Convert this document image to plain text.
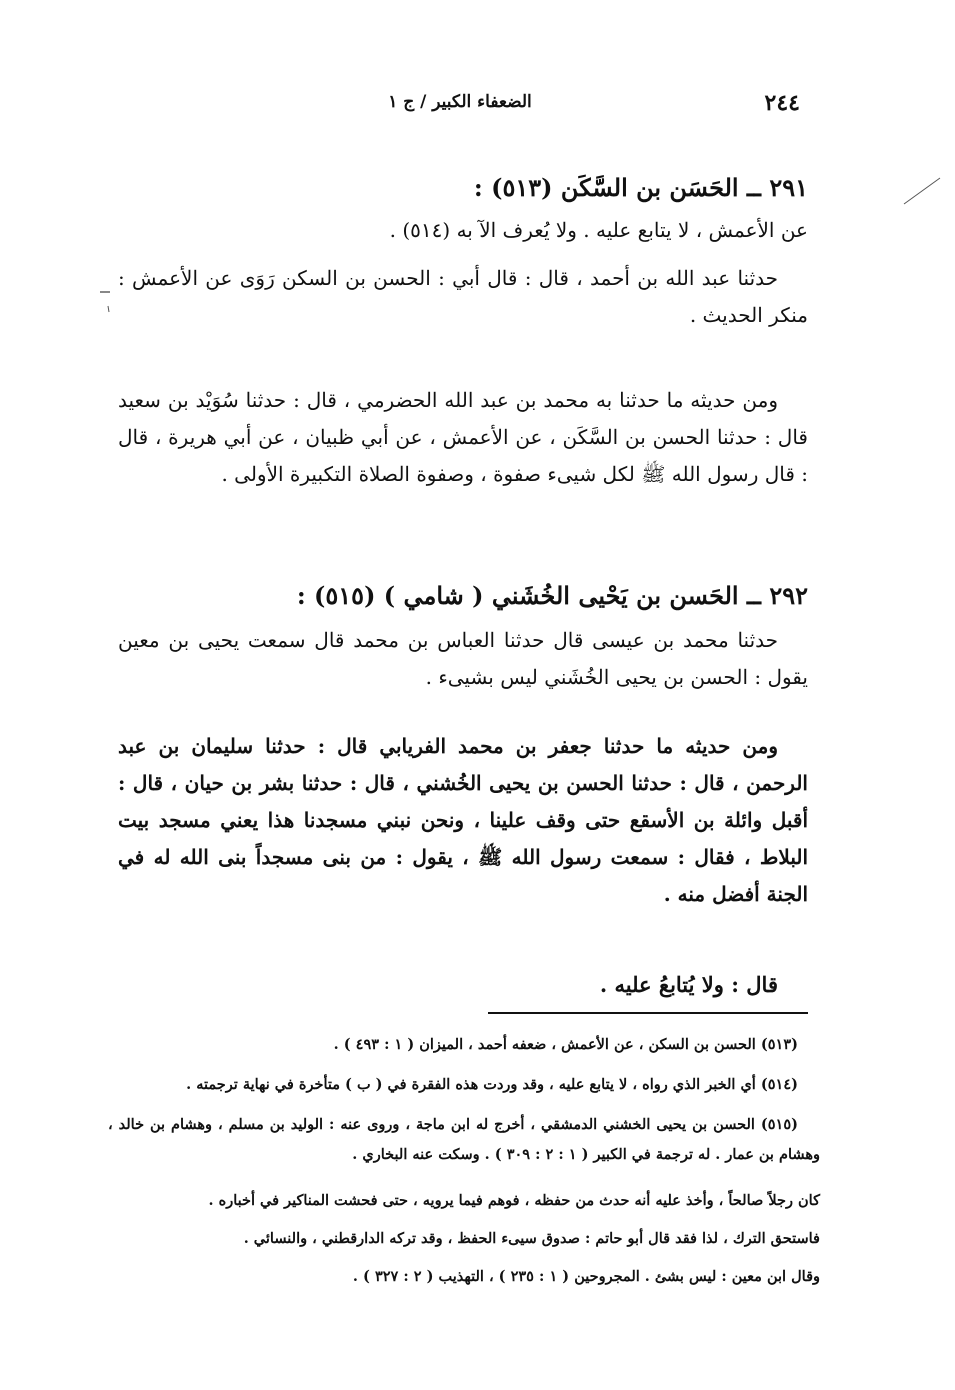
٢٤٤
الضعفاء الكبير / ج ١
٢٩١ ــ الحَسَن بن السَّكَن (٥١٣) :
عن الأعمش ، لا يتابع عليه . ولا يُعرف الآ به (٥١٤) .
حدثنا عبد الله بن أحمد ، قال : قال أبي : الحسن بن السكن رَوَى عن الأعمش : منكر الحديث .
ومن حديثه ما حدثنا به محمد بن عبد الله الحضرمي ، قال : حدثنا سُوَيْد بن سعيد قال : حدثنا الحسن بن السَّكَن ، عن الأعمش ، عن أبي ظبيان ، عن أبي هريرة ، قال : قال رسول الله ﷺ لكل شيىء صفوة ، وصفوة الصلاة التكبيرة الأولى .
٢٩٢ ــ الحَسن بن يَحْيى الخُشَني ( شامي ) (٥١٥) :
حدثنا محمد بن عيسى قال حدثنا العباس بن محمد قال سمعت يحيى بن معين يقول : الحسن بن يحيى الخُشَني ليس بشيىء .
ومن حديثه ما حدثنا جعفر بن محمد الفريابي قال : حدثنا سليمان بن عبد الرحمن ، قال : حدثنا الحسن بن يحيى الخُشني ، قال : حدثنا بشر بن حيان ، قال : أقبل وائلة بن الأسقع حتى وقف علينا ، ونحن نبني مسجدنا هذا يعني مسجد بيت البلاط ، فقال : سمعت رسول الله ﷺ ، يقول : من بنى مسجداً بنى الله له في الجنة أفضل منه .
قال : ولا يُتابعُ عليه .
(٥١٣) الحسن بن السكن ، عن الأعمش ، ضعفه أحمد ، الميزان ( ١ : ٤٩٣ ) .
(٥١٤) أي الخبر الذي رواه ، لا يتابع عليه ، وقد وردت هذه الفقرة في ( ب ) متأخرة في نهاية ترجمته .
(٥١٥) الحسن بن يحيى الخشني الدمشقي ، أخرج له ابن ماجة ، وروى عنه : الوليد بن مسلم ، وهشام بن خالد ، وهشام بن عمار . له ترجمة في الكبير ( ١ : ٢ : ٣٠٩ ) . وسكت عنه البخاري .
كان رجلاً صالحاً ، وأخذ عليه أنه حدث من حفظه ، فوهم فيما يرويه ، حتى فحشت المناكير في أخباره .
فاستحق الترك ، لذا فقد قال أبو حاتم : صدوق سيىء الحفظ ، وقد تركه الدارقطني ، والنسائي .
وقال ابن معين : ليس بشئ . المجروحين ( ١ : ٢٣٥ ) ، التهذيب ( ٢ : ٣٢٧ ) .
